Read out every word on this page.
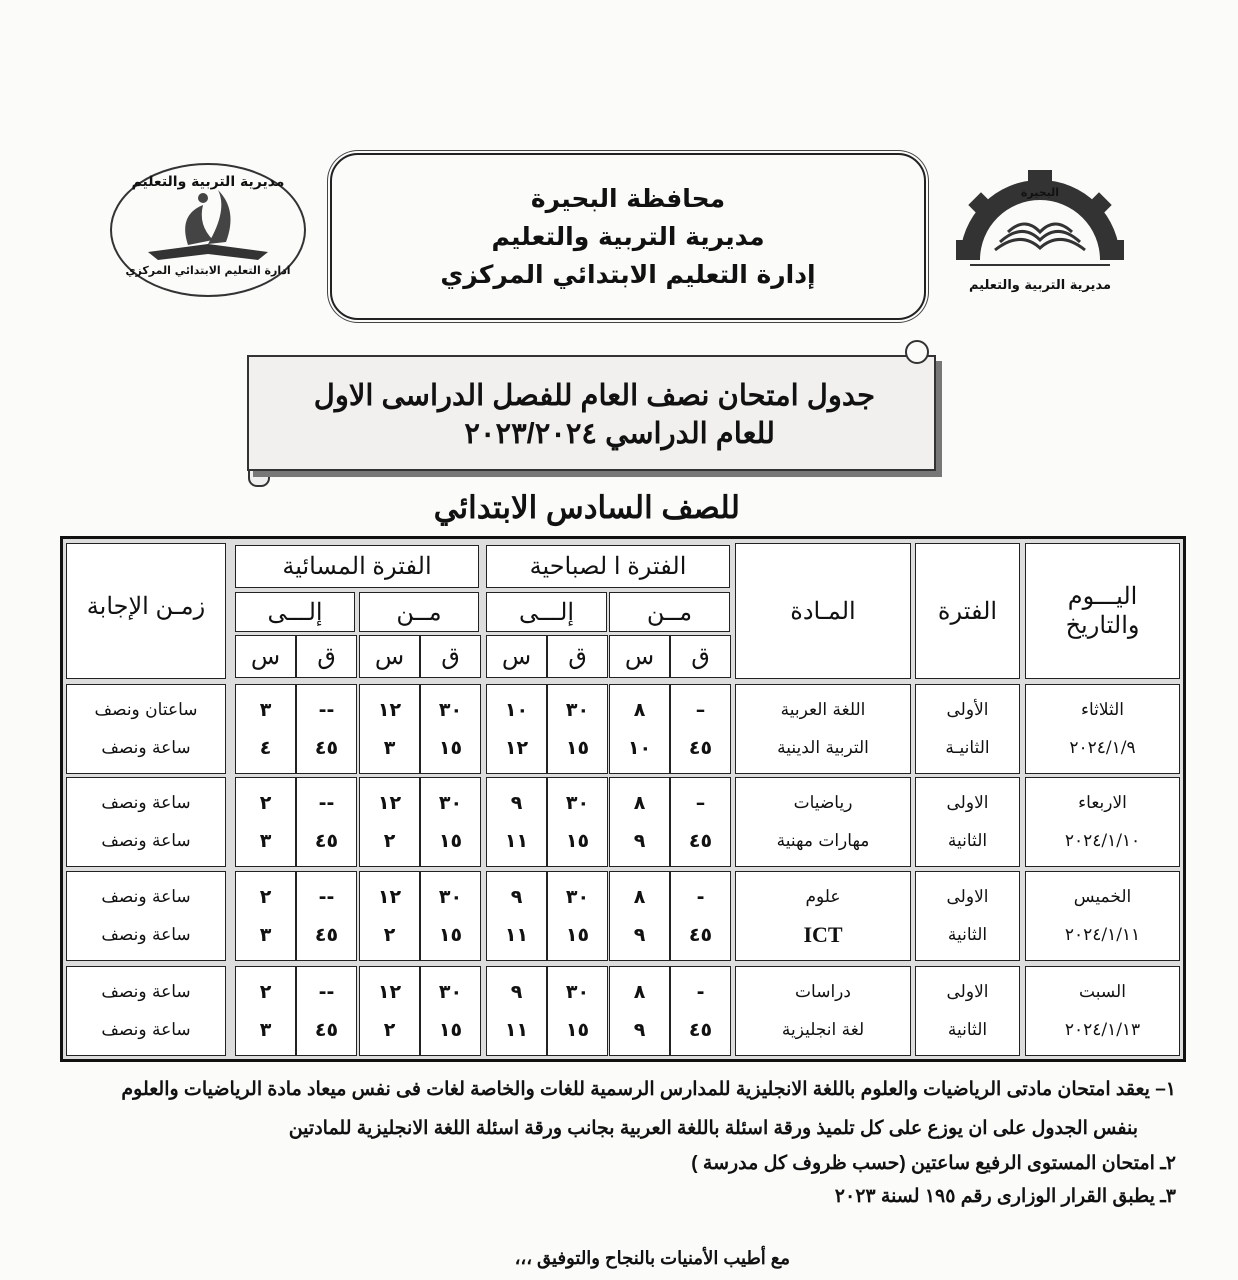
البحيرة
مديرية التربية والتعليم
محافظة البحيرة
مديرية التربية والتعليم
إدارة التعليم الابتدائي المركزي
مديرية التربية والتعليم
ادارة التعليم الابتدائي المركزي
جدول امتحان نصف العام للفصل الدراسى الاول
للعام الدراسي ٢٠٢٣/٢٠٢٤
للصف السادس الابتدائي
اليـــوم
والتاريخ
الفترة
المـادة
الفترة ا لصباحية
مــن
إلـــى
ق
س
ق
س
الفترة المسائية
مــن
إلـــى
ق
س
ق
س
زمـن الإجابة
الثلاثاء
٢٠٢٤/١/٩
الأولى
الثانيـة
اللغة العربية
التربية الدينية
–
٤٥
٨
١٠
٣٠
١٥
١٠
١٢
٣٠
١٥
١٢
٣
--
٤٥
٣
٤
ساعتان ونصف
ساعة ونصف
الاربعاء
٢٠٢٤/١/١٠
الاولى
الثانية
رياضيات
مهارات مهنية
–
٤٥
٨
٩
٣٠
١٥
٩
١١
٣٠
١٥
١٢
٢
--
٤٥
٢
٣
ساعة ونصف
ساعة ونصف
الخميس
٢٠٢٤/١/١١
الاولى
الثانية
علوم
ICT
-
٤٥
٨
٩
٣٠
١٥
٩
١١
٣٠
١٥
١٢
٢
--
٤٥
٢
٣
ساعة ونصف
ساعة ونصف
السبت
٢٠٢٤/١/١٣
الاولى
الثانية
دراسات
لغة انجليزية
-
٤٥
٨
٩
٣٠
١٥
٩
١١
٣٠
١٥
١٢
٢
--
٤٥
٢
٣
ساعة ونصف
ساعة ونصف
١– يعقد امتحان مادتى الرياضيات والعلوم باللغة الانجليزية للمدارس الرسمية للغات والخاصة لغات فى نفس ميعاد مادة الرياضيات والعلوم
بنفس الجدول على ان يوزع على كل تلميذ ورقة اسئلة باللغة العربية بجانب ورقة اسئلة اللغة الانجليزية للمادتين
٢ـ امتحان المستوى الرفيع ساعتين (حسب ظروف كل مدرسة )
٣ـ يطبق القرار الوزارى رقم ١٩٥ لسنة ٢٠٢٣
مع أطيب الأمنيات بالنجاح والتوفيق ،،،
